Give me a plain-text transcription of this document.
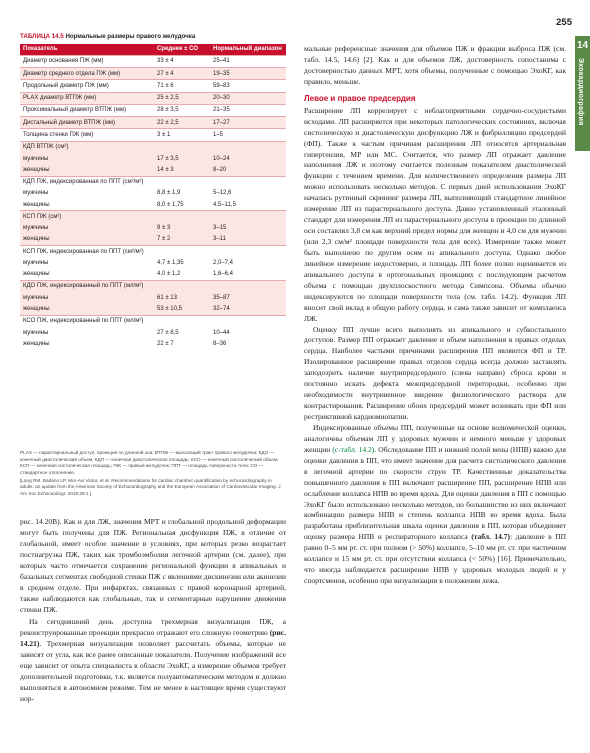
255
14
Эхокардиография
ТАБЛИЦА 14.5 Нормальные размеры правого желудочка
Показатель	Среднее ± СО	Нормальный диапазон
Диаметр основания ПЖ (мм)	33 ± 4	25–41
Диаметр среднего отдела ПЖ (мм)	27 ± 4	19–35
Продольный диаметр ПЖ (мм)	71 ± 6	59–83
PLAX диаметр ВТПЖ (мм)	25 ± 2,5	20–30
Проксимальный диаметр ВТПЖ (мм)	28 ± 3,5	21–35
Дистальный диаметр ВТПЖ (мм)	22 ± 2,5	17–27
Толщина стенки ПЖ (мм)	3 ± 1	1–5
КДП ВТПЖ (см²)		
мужчины	17 ± 3,5	10–24
женщины	14 ± 3	8–20
КДП ПЖ, индексированная по ППТ (см²/м²)		
мужчины	8,8 ± 1,9	5–12,6
женщины	8,0 ± 1,75	4,5–11,5
КСП ПЖ (см²)		
мужчины	9 ± 3	3–15
женщины	7 ± 2	3–11
КСП ПЖ, индексированная по ППТ (см²/м²)		
мужчины	4,7 ± 1,35	2,0–7,4
женщины	4,0 ± 1,2	1,6–6,4
КДО ПЖ, индексированный по ППТ (мл/м²)		
мужчины	61 ± 13	35–87
женщины	53 ± 10,5	32–74
КСО ПЖ, индексированный по ППТ (мл/м²)		
мужчины	27 ± 8,5	10–44
женщины	22 ± 7	8–36

PLAX — парастернальный доступ, проекция по длинной оси; ВТПЖ — выносящий тракт правого желудочка; КДО — конечный диастолический объем; КДП — конечная диастолическая площадь; КСО — конечный систолический объем; КСП — конечная систолическая площадь; ПЖ — правый желудочек; ППТ — площадь поверхности тела; СО — стандартное отклонение.

[Lang RM, Badano LP, Mor-Avi Victor, et al. Recommendations for cardiac chamber quantification by echocardiography in adults: an update from the American Society of Echocardiography and the European Association of Cardiovascular Imaging. J Am Soc Echocardiogr. 2015;28:1.]

рис. 14.20В). Как и для ЛЖ, значения МРТ и глобальной продольной деформации могут быть получены для ПЖ. Региональная дисфункция ПЖ, в отличие от глобальной, имеет особое значение в условиях, при которых резко возрастает постнагрузка ПЖ, таких как тромбоэмболия легочной артерии (см. далее), при которых часто отмечается сохранение региональной функции в апикальных и базальных сегментах свободной стенки ПЖ с явлениями дискинезии или акинезии в среднем отделе. При инфарктах, связанных с правой коронарной артерией, также наблюдаются как глобальные, так и сегментарные нарушение движения стенки ПЖ.

На сегодняшний день доступна трехмерная визуализация ПЖ, а реконструированные проекции прекрасно отражают его сложную геометрию (рис. 14.21). Трехмерная визуализация позволяет рассчитать объемы, которые не зависят от угла, как все ранее описанные показатели. Получение изображений все еще зависит от опыта специалиста в области ЭхоКГ, а измерение объемов требует дополнительной подготовки, т.к. является полуавтоматическим методом и должно выполняться в автономном режиме. Тем не менее в настоящее время существуют нор-

мальные референсные значения для объемов ПЖ и фракции выброса ПЖ (см. табл. 14.5, 14.6) [2]. Как и для объемов ЛЖ, достоверность сопоставима с достоверностью данных МРТ, хотя объемы, полученные с помощью ЭхоКГ, как правило, меньше.

Левое и правое предсердия

Расширение ЛП коррелирует с неблагоприятными сердечно-сосудистыми исходами. ЛП расширяется при некоторых патологических состояниях, включая систолическую и диастолическую дисфункцию ЛЖ и фибрилляцию предсердий (ФП). Также к частым причинам расширения ЛП относятся артериальная гипертензия, МР или МС. Считается, что размер ЛП отражает давление наполнения ЛЖ и поэтому считается полезным показателем диастолической функции с течением времени. Для количественного определения размера ЛП можно использовать несколько методов. С первых дней использования ЭхоКГ началась рутинный скрининг размера ЛП, выполняющий стандартное линейное измерение ЛП из парастернального доступа. Давно установленный эталонный стандарт для измерения ЛП из парастернального доступа в проекции по длинной оси составлял 3,8 см как верхний предел нормы для женщин и 4,0 см для мужчин (или 2,3 см/м² площади поверхности тела для всех). Измерение также может быть выполнено по другим осям из апикального доступа. Однако любое линейное измерение недостоверно, и площадь ЛП более полно оценивается из апикального доступа в ортогональных проекциях с последующим расчетом объема с помощью двухплоскостного метода Симпсона. Объемы обычно индексируются по площади поверхности тела (см. табл. 14.2). Функция ЛП вносит свой вклад в общую работу сердца, и сама также зависит от комплаенса ЛЖ.

Оценку ПП лучше всего выполнять из апикального и субкостального доступов. Размер ПП отражает давление и объем наполнения в правых отделах сердца. Наиболее частыми причинами расширения ПП являются ФП и ТР. Изолированное расширение правых отделов сердца всегда должно заставлять заподозрить наличие внутрипредсердного (слева направо) сброса крови и постоянно искать дефекта межпредсердной перегородки, особенно при необходимости внутривенное введение физиологического раствора для контрастирования. Расширение обоих предсердий может возникать при ФП или рестриктивной кардиомиопатии.

Индексированные объемы ПП, полученные на основе волюмической оценки, аналогичны объемам ЛП у здоровых мужчин и немного меньше у здоровых женщин (с-табл. 14.2). Обследование ПП и нижней полой вены (НПВ) важно для оценки давления в ПП, что имеет значение для расчета систолического давления в легочной артерии по скорости струи ТР. Качественные доказательства повышенного давления в ПП включают расширение ПП, расширение НПВ или ослабление коллапса НПВ во время вдоха. Для оценки давления в ПП с помощью ЭхоКГ было использовано несколько методов, но большинство из них включают комбинацию размера НПВ и степень коллапса НПВ во время вдоха. Была разработана приблизительная шкала оценки давления в ПП, которая объединяет оценку размера НПВ и респираторного коллапса (табл. 14.7): давление в ПП равно 0–5 мм рт. ст. при полном (> 50%) коллапсе, 5–10 мм рт. ст. при частичном коллапсе и 15 мм рт. ст. при отсутствии коллапса (< 50%) [16]. Примечательно, что иногда наблюдается расширение НПВ у здоровых молодых людей и у спортсменов, особенно при визуализации в положении лежа.
